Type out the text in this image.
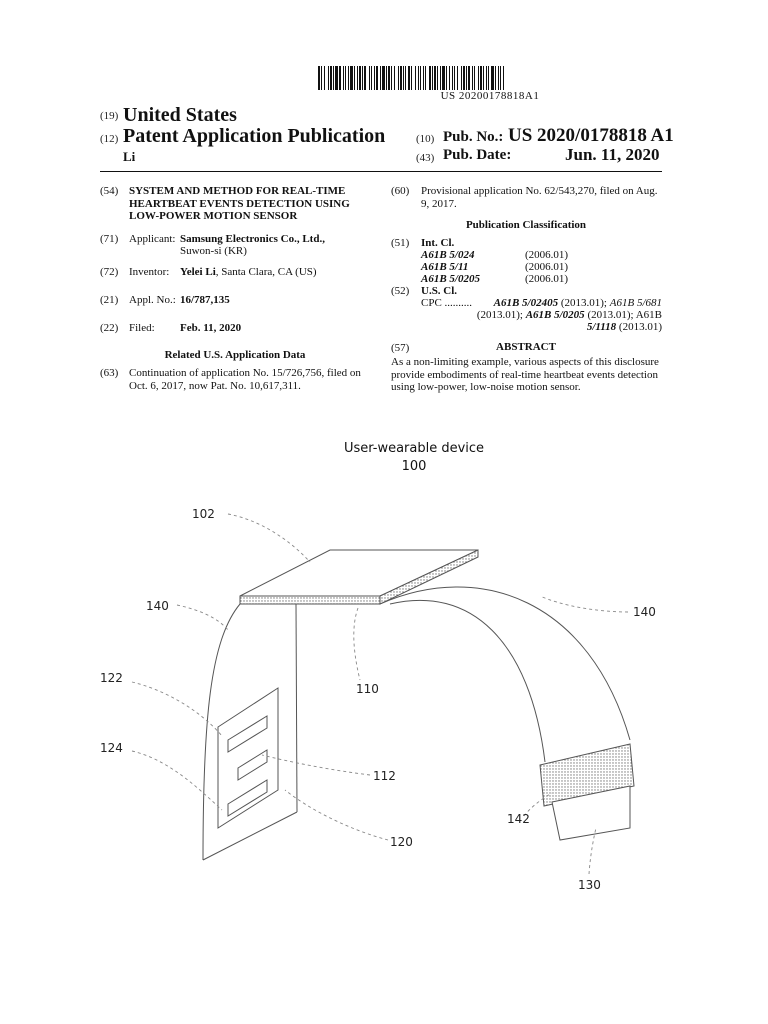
US 20200178818A1
(19) United States
(12) Patent Application Publication
Li
(10) Pub. No.: US 2020/0178818 A1
(43) Pub. Date:	Jun. 11, 2020
(54) SYSTEM AND METHOD FOR REAL-TIME
HEARTBEAT EVENTS DETECTION USING
LOW-POWER MOTION SENSOR
(71) Applicant: Samsung Electronics Co., Ltd.,
Suwon-si (KR)
(72) Inventor: Yelei Li, Santa Clara, CA (US)
(21) Appl. No.: 16/787,135
(22) Filed: Feb. 11, 2020
Related U.S. Application Data
(63) Continuation of application No. 15/726,756, filed on
Oct. 6, 2017, now Pat. No. 10,617,311.
(60) Provisional application No. 62/543,270, filed on Aug.
9, 2017.
Publication Classification
(51) Int. Cl.
A61B 5/024	(2006.01)
A61B 5/11	(2006.01)
A61B 5/0205	(2006.01)
(52) U.S. Cl.
CPC ..........	A61B 5/02405 (2013.01); A61B 5/681
(2013.01); A61B 5/0205 (2013.01); A61B
5/1118 (2013.01)
(57)	ABSTRACT
As a non-limiting example, various aspects of this disclosure
provide embodiments of real-time heartbeat events detection
using low-power, low-noise motion sensor.
User-wearable device
100
102
140	140
110
122
124
112
120
142
130
